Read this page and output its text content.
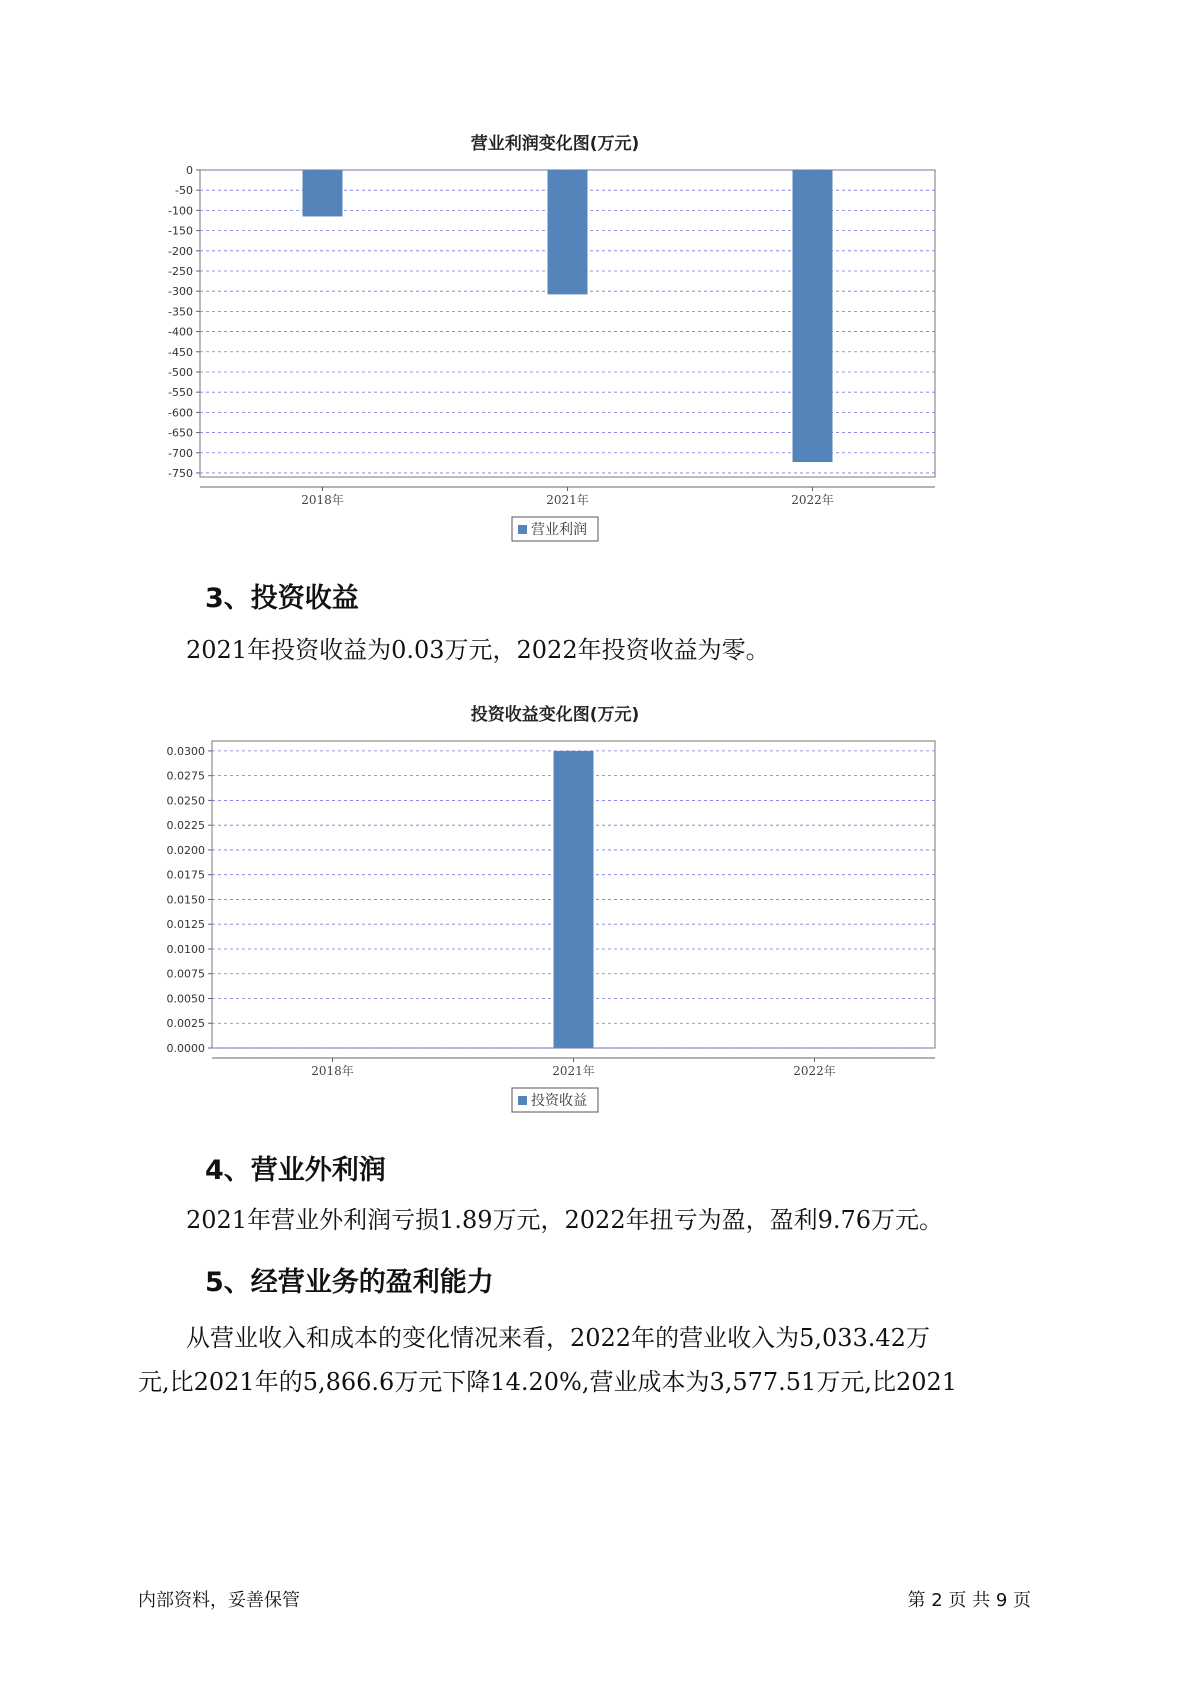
营业利润变化图(万元)
0
-50
-100
-150
-200
-250
-300
-350
-400
-450
-500
-550
-600
-650
-700
-750
2018年	2021年	2022年
营业利润
3、投资收益

2021年投资收益为0.03万元，2022年投资收益为零。

投资收益变化图(万元)
0.0300
0.0275
0.0250
0.0225
0.0200
0.0175
0.0150
0.0125
0.0100
0.0075
0.0050
0.0025
0.0000
2018年	2021年	2022年
投资收益
4、营业外利润

2021年营业外利润亏损1.89万元，2022年扭亏为盈，盈利9.76万元。

5、经营业务的盈利能力

从营业收入和成本的变化情况来看，2022年的营业收入为5,033.42万

元,比2021年的5,866.6万元下降14.20%,营业成本为3,577.51万元,比2021

内部资料，妥善保管	第 2 页 共 9 页
